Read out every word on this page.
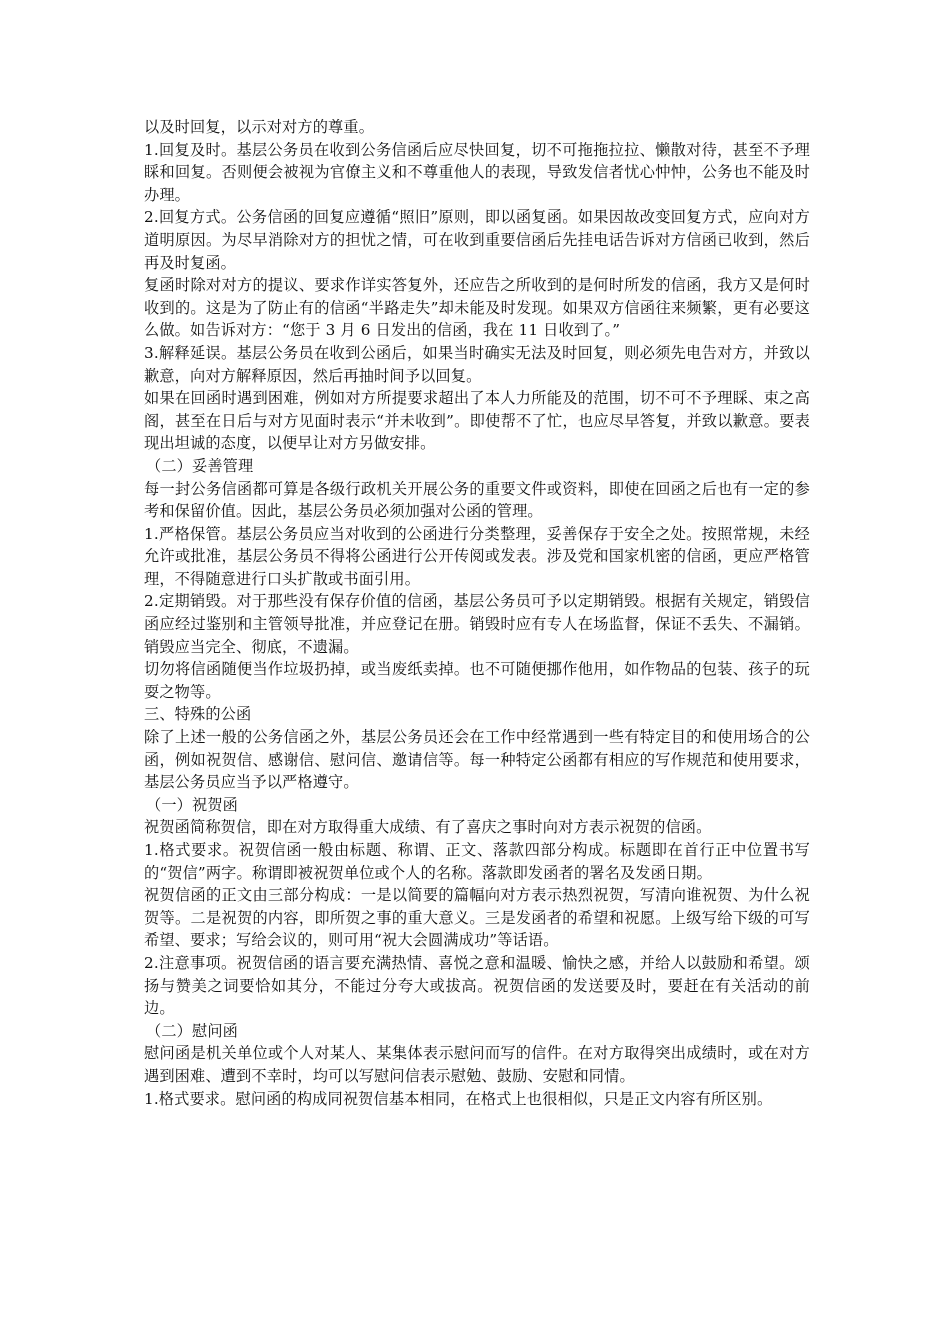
以及时回复，以示对对方的尊重。

1.回复及时。基层公务员在收到公务信函后应尽快回复，切不可拖拖拉拉、懒散对待，甚至不予理睬和回复。否则便会被视为官僚主义和不尊重他人的表现，导致发信者忧心忡忡，公务也不能及时办理。

2.回复方式。公务信函的回复应遵循“照旧”原则，即以函复函。如果因故改变回复方式，应向对方道明原因。为尽早消除对方的担忧之情，可在收到重要信函后先挂电话告诉对方信函已收到，然后再及时复函。

复函时除对对方的提议、要求作详实答复外，还应告之所收到的是何时所发的信函，我方又是何时收到的。这是为了防止有的信函“半路走失”却未能及时发现。如果双方信函往来频繁，更有必要这么做。如告诉对方：“您于 3 月 6 日发出的信函，我在 11 日收到了。”

3.解释延误。基层公务员在收到公函后，如果当时确实无法及时回复，则必须先电告对方，并致以歉意，向对方解释原因，然后再抽时间予以回复。

如果在回函时遇到困难，例如对方所提要求超出了本人力所能及的范围，切不可不予理睬、束之高阁，甚至在日后与对方见面时表示“并未收到”。即使帮不了忙，也应尽早答复，并致以歉意。要表现出坦诚的态度，以便早让对方另做安排。

（二）妥善管理

每一封公务信函都可算是各级行政机关开展公务的重要文件或资料，即使在回函之后也有一定的参考和保留价值。因此，基层公务员必须加强对公函的管理。

1.严格保管。基层公务员应当对收到的公函进行分类整理，妥善保存于安全之处。按照常规，未经允许或批准，基层公务员不得将公函进行公开传阅或发表。涉及党和国家机密的信函，更应严格管理，不得随意进行口头扩散或书面引用。

2.定期销毁。对于那些没有保存价值的信函，基层公务员可予以定期销毁。根据有关规定，销毁信函应经过鉴别和主管领导批准，并应登记在册。销毁时应有专人在场监督，保证不丢失、不漏销。销毁应当完全、彻底，不遗漏。

切勿将信函随便当作垃圾扔掉，或当废纸卖掉。也不可随便挪作他用，如作物品的包装、孩子的玩耍之物等。

三、特殊的公函

除了上述一般的公务信函之外，基层公务员还会在工作中经常遇到一些有特定目的和使用场合的公函，例如祝贺信、感谢信、慰问信、邀请信等。每一种特定公函都有相应的写作规范和使用要求，基层公务员应当予以严格遵守。

（一）祝贺函

祝贺函简称贺信，即在对方取得重大成绩、有了喜庆之事时向对方表示祝贺的信函。

1.格式要求。祝贺信函一般由标题、称谓、正文、落款四部分构成。标题即在首行正中位置书写的“贺信”两字。称谓即被祝贺单位或个人的名称。落款即发函者的署名及发函日期。

祝贺信函的正文由三部分构成：一是以简要的篇幅向对方表示热烈祝贺，写清向谁祝贺、为什么祝贺等。二是祝贺的内容，即所贺之事的重大意义。三是发函者的希望和祝愿。上级写给下级的可写希望、要求；写给会议的，则可用“祝大会圆满成功”等话语。

2.注意事项。祝贺信函的语言要充满热情、喜悦之意和温暖、愉快之感，并给人以鼓励和希望。颂扬与赞美之词要恰如其分，不能过分夸大或拔高。祝贺信函的发送要及时，要赶在有关活动的前边。

（二）慰问函

慰问函是机关单位或个人对某人、某集体表示慰问而写的信件。在对方取得突出成绩时，或在对方遇到困难、遭到不幸时，均可以写慰问信表示慰勉、鼓励、安慰和同情。

1.格式要求。慰问函的构成同祝贺信基本相同，在格式上也很相似，只是正文内容有所区别。
